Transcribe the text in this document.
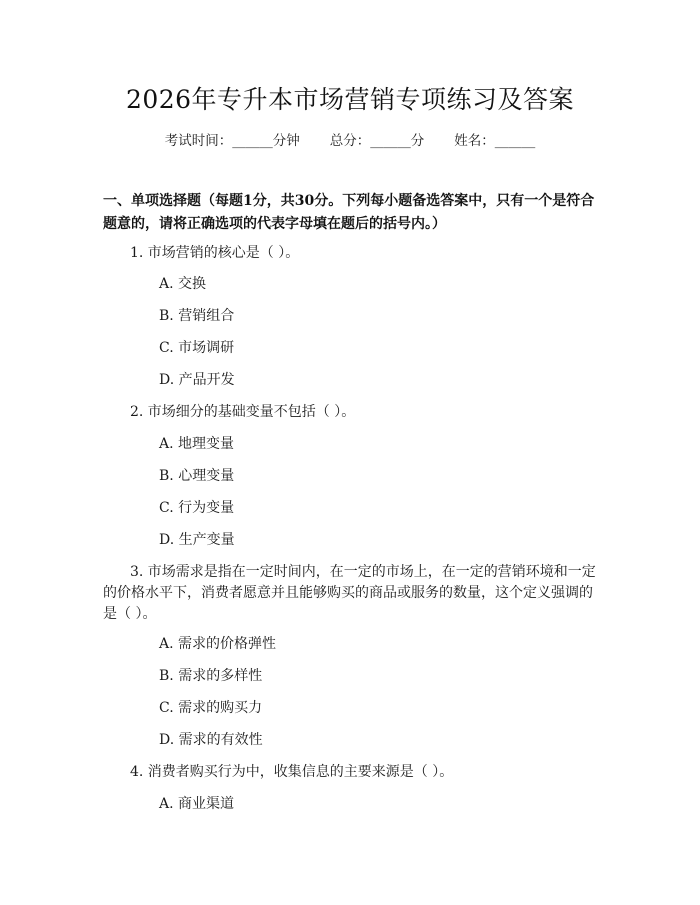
2026年专升本市场营销专项练习及答案
考试时间：______分钟 总分：______分 姓名：______
一、单项选择题（每题1分，共30分。下列每小题备选答案中，只有一个是符合题意的，请将正确选项的代表字母填在题后的括号内。）
1. 市场营销的核心是（ ）。
A. 交换
B. 营销组合
C. 市场调研
D. 产品开发
2. 市场细分的基础变量不包括（ ）。
A. 地理变量
B. 心理变量
C. 行为变量
D. 生产变量
3. 市场需求是指在一定时间内，在一定的市场上，在一定的营销环境和一定的价格水平下，消费者愿意并且能够购买的商品或服务的数量，这个定义强调的是（ ）。
A. 需求的价格弹性
B. 需求的多样性
C. 需求的购买力
D. 需求的有效性
4. 消费者购买行为中，收集信息的主要来源是（ ）。
A. 商业渠道
